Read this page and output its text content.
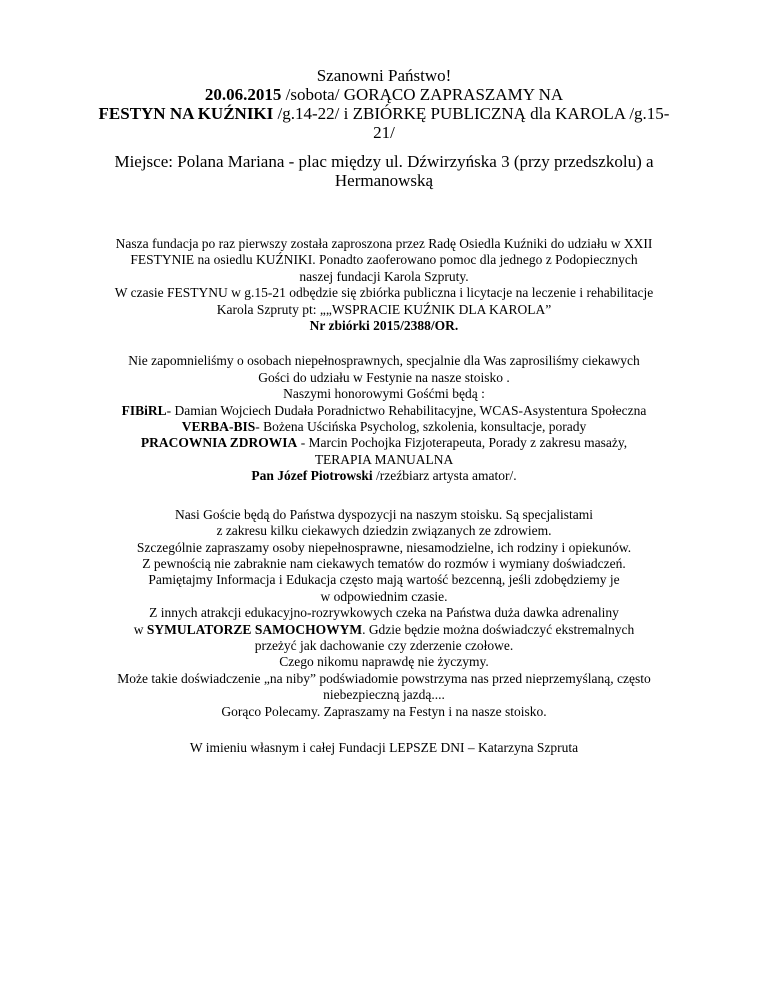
Szanowni Państwo!
20.06.2015 /sobota/ GORĄCO ZAPRASZAMY NA
FESTYN NA KUŹNIKI /g.14-22/ i ZBIÓRKĘ PUBLICZNĄ dla KAROLA /g.15-
21/
Miejsce: Polana Mariana - plac między ul. Dźwirzyńska 3 (przy przedszkolu) a
Hermanowską
Nasza fundacja po raz pierwszy została zaproszona przez Radę Osiedla Kuźniki do udziału w XXII
FESTYNIE na osiedlu KUŹNIKI. Ponadto zaoferowano pomoc dla jednego z Podopiecznych
naszej fundacji Karola Szpruty.
W czasie FESTYNU w g.15-21 odbędzie się zbiórka publiczna i licytacje na leczenie i rehabilitacje
Karola Szpruty pt: „„WSPRACIE KUŹNIK DLA KAROLA”
Nr zbiórki 2015/2388/OR.
Nie zapomnieliśmy o osobach niepełnosprawnych, specjalnie dla Was zaprosiliśmy ciekawych
Gości do udziału w Festynie na nasze stoisko .
Naszymi honorowymi Gośćmi będą :
FIBiRL- Damian Wojciech Dudała Poradnictwo Rehabilitacyjne, WCAS-Asystentura Społeczna
VERBA-BIS- Bożena Uścińska Psycholog, szkolenia, konsultacje, porady
PRACOWNIA ZDROWIA - Marcin Pochojka Fizjoterapeuta, Porady z zakresu masaży,
TERAPIA MANUALNA
Pan Józef Piotrowski /rzeźbiarz artysta amator/.
Nasi Goście będą do Państwa dyspozycji na naszym stoisku. Są specjalistami
z zakresu kilku ciekawych dziedzin związanych ze zdrowiem.
Szczególnie zapraszamy osoby niepełnosprawne, niesamodzielne, ich rodziny i opiekunów.
Z pewnością nie zabraknie nam ciekawych tematów do rozmów i wymiany doświadczeń.
Pamiętajmy Informacja i Edukacja często mają wartość bezcenną, jeśli zdobędziemy je
w odpowiednim czasie.
Z innych atrakcji edukacyjno-rozrywkowych czeka na Państwa duża dawka adrenaliny
w SYMULATORZE SAMOCHOWYM. Gdzie będzie można doświadczyć ekstremalnych
przeżyć jak dachowanie czy zderzenie czołowe.
Czego nikomu naprawdę nie życzymy.
Może takie doświadczenie „na niby” podświadomie powstrzyma nas przed nieprzemyślaną, często
niebezpieczną jazdą....
Gorąco Polecamy. Zapraszamy na Festyn i na nasze stoisko.
W imieniu własnym i całej Fundacji LEPSZE DNI – Katarzyna Szpruta
